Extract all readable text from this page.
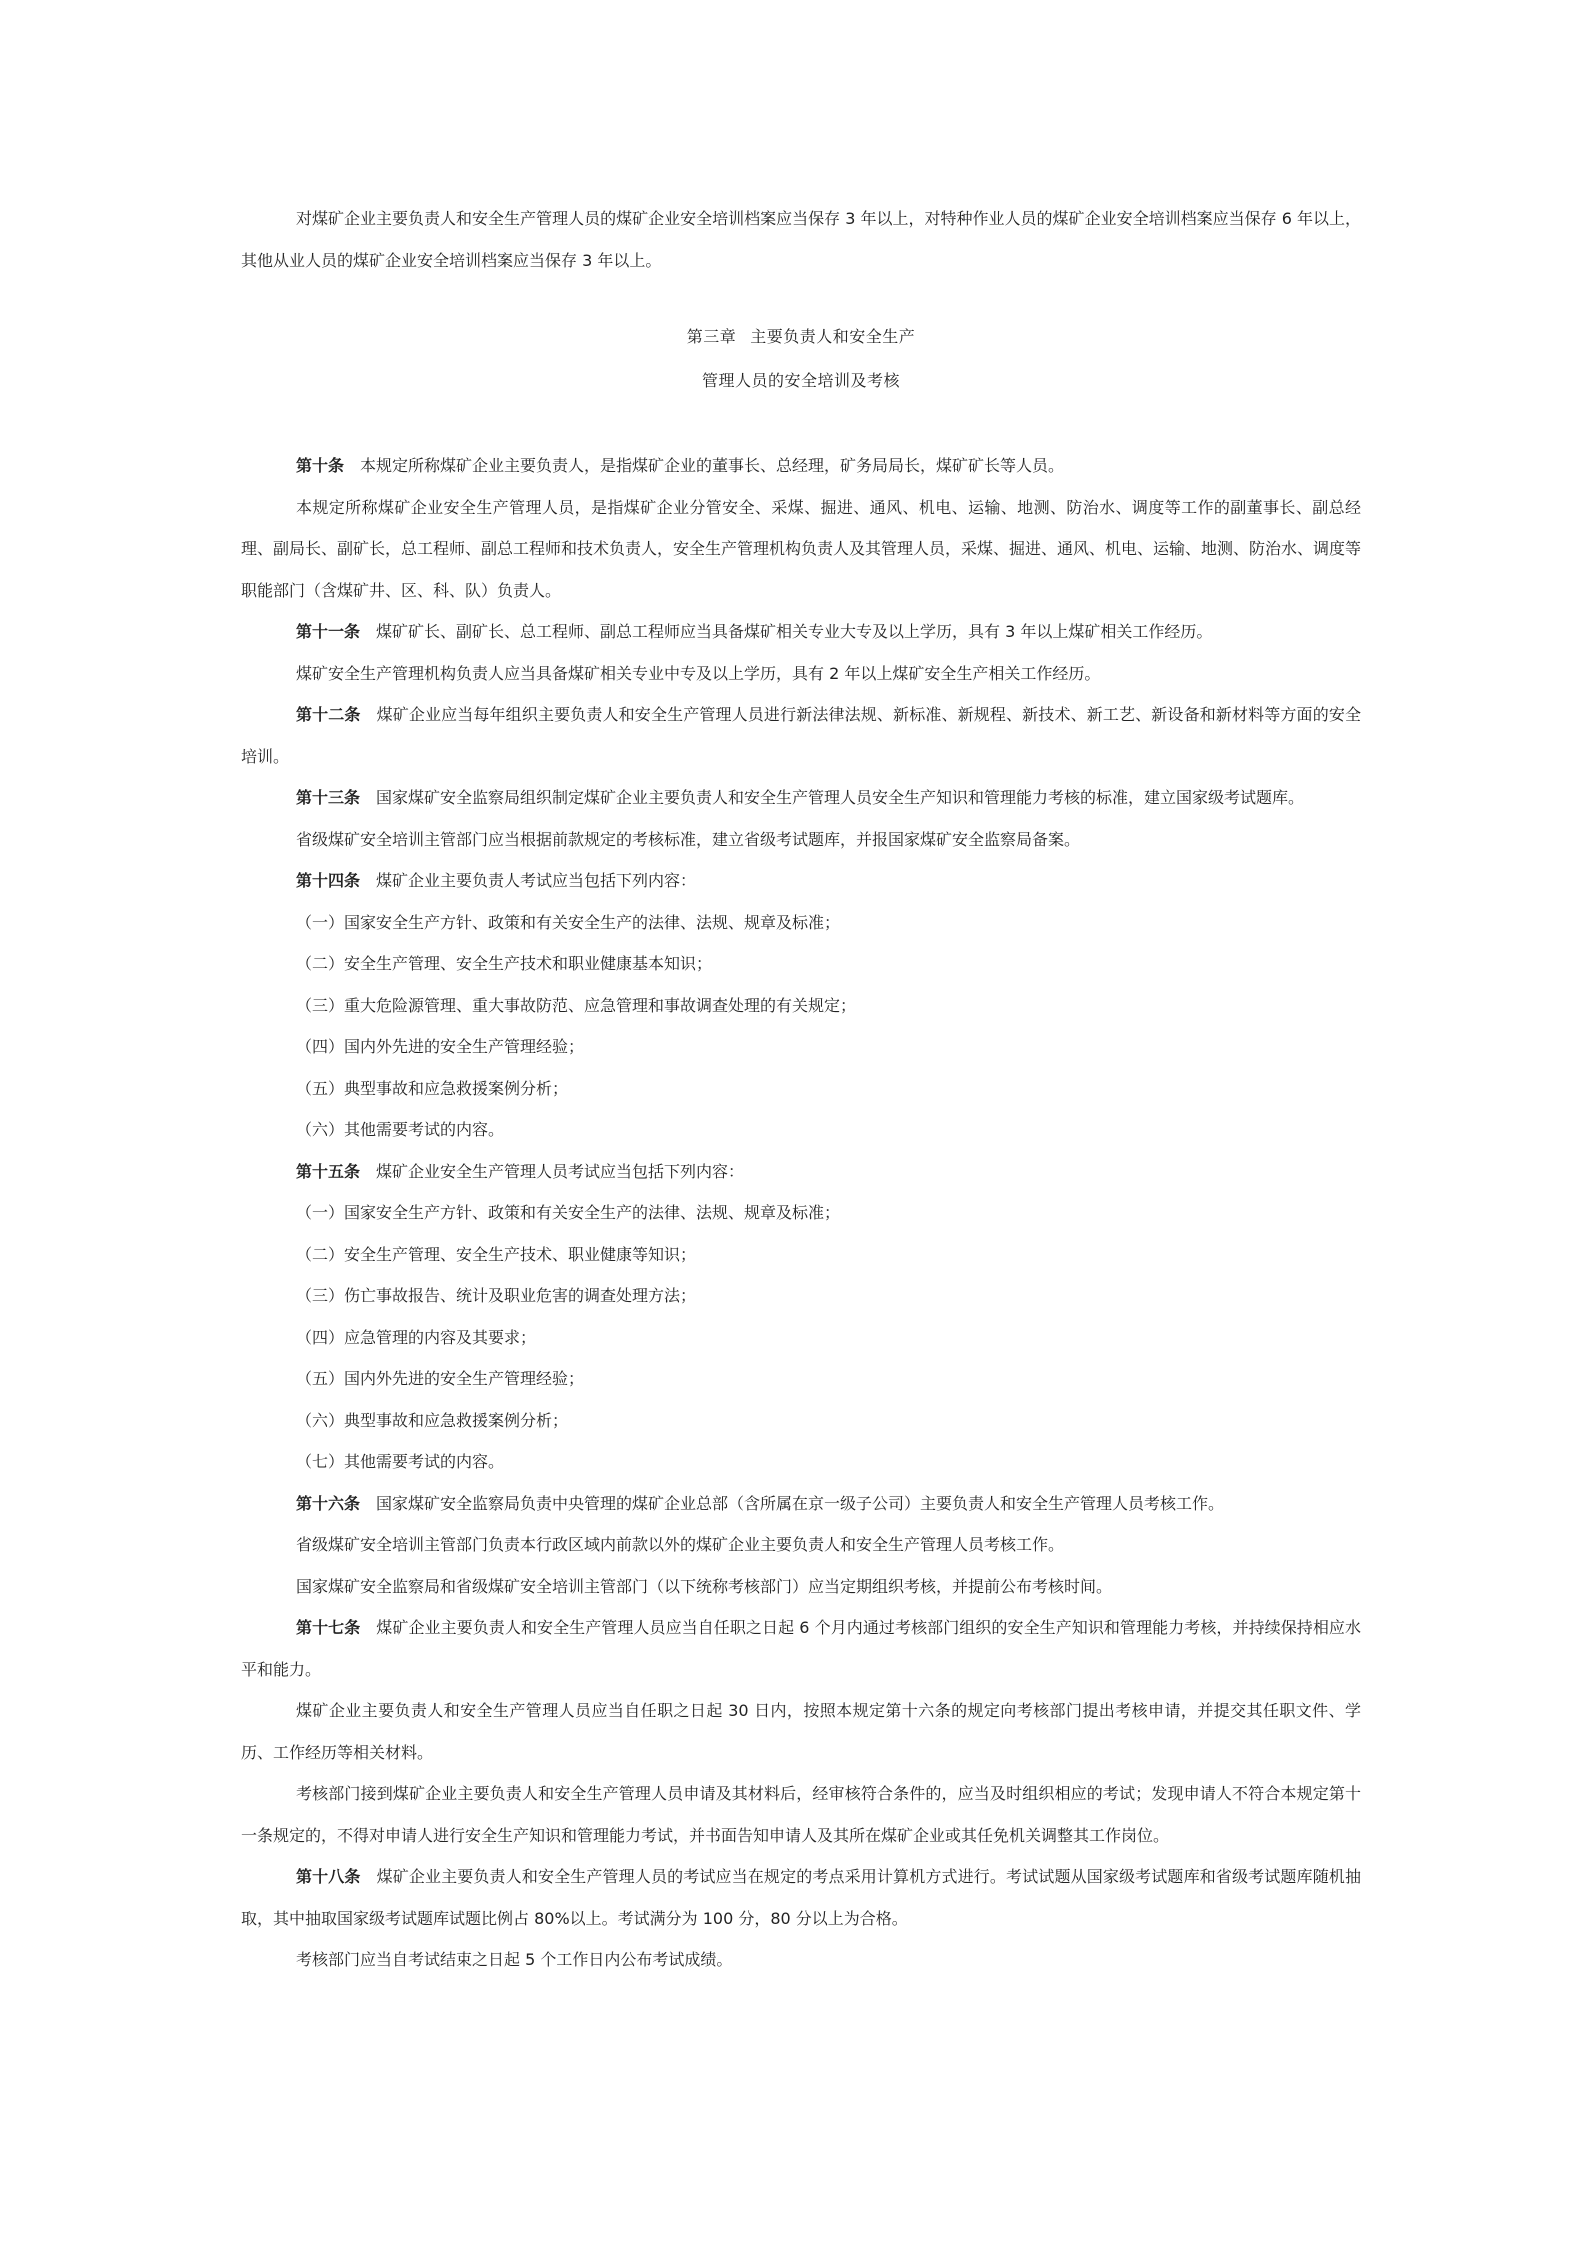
对煤矿企业主要负责人和安全生产管理人员的煤矿企业安全培训档案应当保存 3 年以上，对特种作业人员的煤矿企业安全培训档案应当保存 6 年以上，其他从业人员的煤矿企业安全培训档案应当保存 3 年以上。

第三章 主要负责人和安全生产

管理人员的安全培训及考核

第十条 本规定所称煤矿企业主要负责人，是指煤矿企业的董事长、总经理，矿务局局长，煤矿矿长等人员。

本规定所称煤矿企业安全生产管理人员，是指煤矿企业分管安全、采煤、掘进、通风、机电、运输、地测、防治水、调度等工作的副董事长、副总经理、副局长、副矿长，总工程师、副总工程师和技术负责人，安全生产管理机构负责人及其管理人员，采煤、掘进、通风、机电、运输、地测、防治水、调度等职能部门（含煤矿井、区、科、队）负责人。

第十一条 煤矿矿长、副矿长、总工程师、副总工程师应当具备煤矿相关专业大专及以上学历，具有 3 年以上煤矿相关工作经历。

煤矿安全生产管理机构负责人应当具备煤矿相关专业中专及以上学历，具有 2 年以上煤矿安全生产相关工作经历。

第十二条 煤矿企业应当每年组织主要负责人和安全生产管理人员进行新法律法规、新标准、新规程、新技术、新工艺、新设备和新材料等方面的安全培训。

第十三条 国家煤矿安全监察局组织制定煤矿企业主要负责人和安全生产管理人员安全生产知识和管理能力考核的标准，建立国家级考试题库。

省级煤矿安全培训主管部门应当根据前款规定的考核标准，建立省级考试题库，并报国家煤矿安全监察局备案。

第十四条 煤矿企业主要负责人考试应当包括下列内容：

（一）国家安全生产方针、政策和有关安全生产的法律、法规、规章及标准；

（二）安全生产管理、安全生产技术和职业健康基本知识；

（三）重大危险源管理、重大事故防范、应急管理和事故调查处理的有关规定；

（四）国内外先进的安全生产管理经验；

（五）典型事故和应急救援案例分析；

（六）其他需要考试的内容。

第十五条 煤矿企业安全生产管理人员考试应当包括下列内容：

（一）国家安全生产方针、政策和有关安全生产的法律、法规、规章及标准；

（二）安全生产管理、安全生产技术、职业健康等知识；

（三）伤亡事故报告、统计及职业危害的调查处理方法；

（四）应急管理的内容及其要求；

（五）国内外先进的安全生产管理经验；

（六）典型事故和应急救援案例分析；

（七）其他需要考试的内容。

第十六条 国家煤矿安全监察局负责中央管理的煤矿企业总部（含所属在京一级子公司）主要负责人和安全生产管理人员考核工作。

省级煤矿安全培训主管部门负责本行政区域内前款以外的煤矿企业主要负责人和安全生产管理人员考核工作。

国家煤矿安全监察局和省级煤矿安全培训主管部门（以下统称考核部门）应当定期组织考核，并提前公布考核时间。

第十七条 煤矿企业主要负责人和安全生产管理人员应当自任职之日起 6 个月内通过考核部门组织的安全生产知识和管理能力考核，并持续保持相应水平和能力。

煤矿企业主要负责人和安全生产管理人员应当自任职之日起 30 日内，按照本规定第十六条的规定向考核部门提出考核申请，并提交其任职文件、学历、工作经历等相关材料。

考核部门接到煤矿企业主要负责人和安全生产管理人员申请及其材料后，经审核符合条件的，应当及时组织相应的考试；发现申请人不符合本规定第十一条规定的，不得对申请人进行安全生产知识和管理能力考试，并书面告知申请人及其所在煤矿企业或其任免机关调整其工作岗位。

第十八条 煤矿企业主要负责人和安全生产管理人员的考试应当在规定的考点采用计算机方式进行。考试试题从国家级考试题库和省级考试题库随机抽取，其中抽取国家级考试题库试题比例占 80%以上。考试满分为 100 分，80 分以上为合格。

考核部门应当自考试结束之日起 5 个工作日内公布考试成绩。
